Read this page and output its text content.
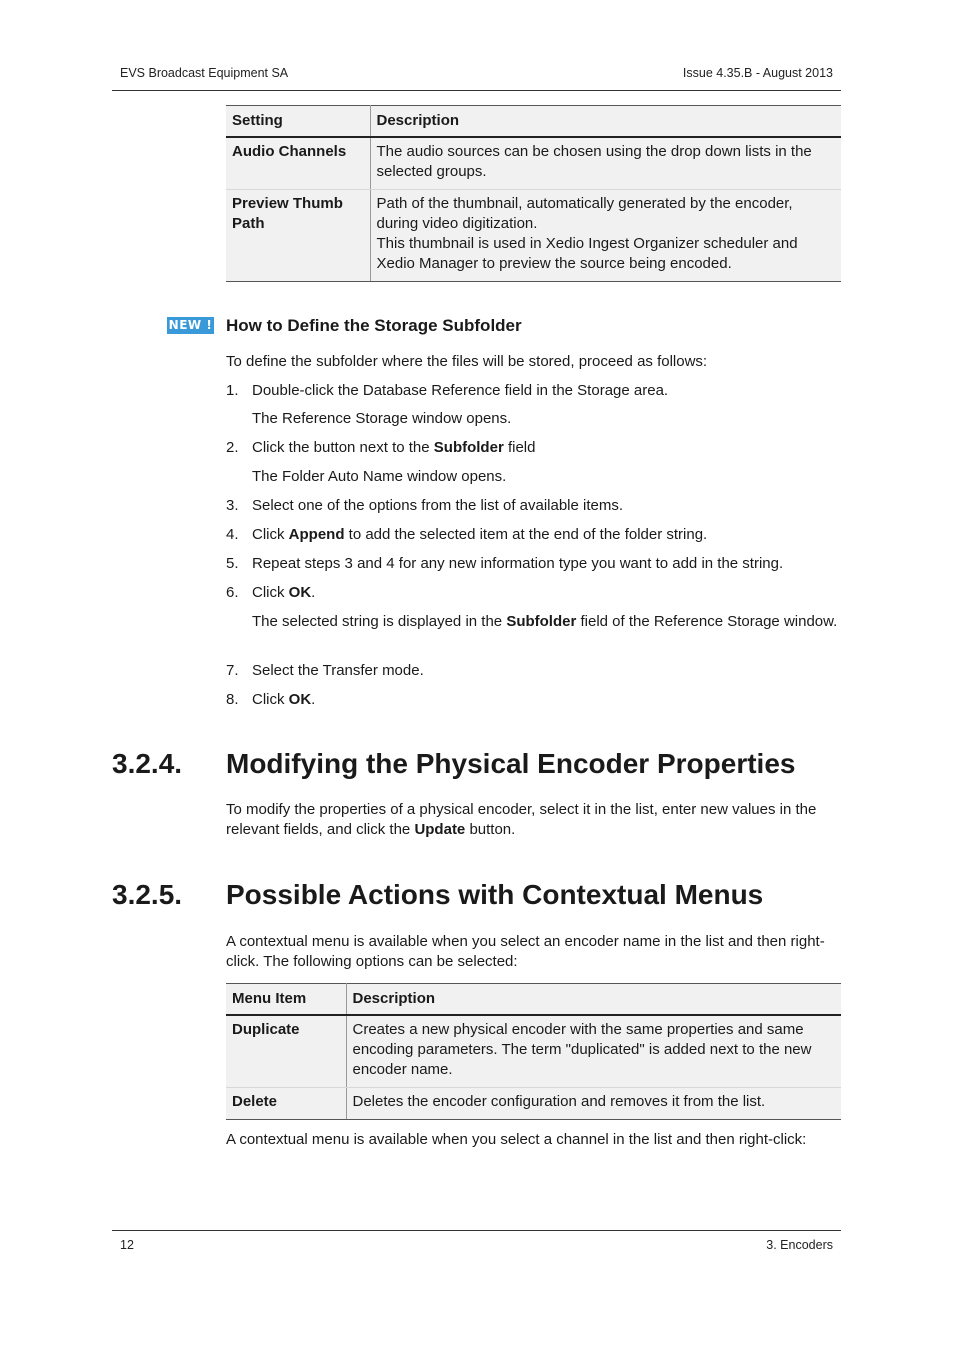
EVS Broadcast Equipment SA	Issue 4.35.B - August 2013
Setting	Description
Audio Channels	The audio sources can be chosen using the drop down lists in the selected groups.
Preview Thumb Path	Path of the thumbnail, automatically generated by the encoder, during video digitization.
This thumbnail is used in Xedio Ingest Organizer scheduler and Xedio Manager to preview the source being encoded.
NEW ! How to Define the Storage Subfolder
To define the subfolder where the files will be stored, proceed as follows:
1. Double-click the Database Reference field in the Storage area.
The Reference Storage window opens.
2. Click the button next to the Subfolder field
The Folder Auto Name window opens.
3. Select one of the options from the list of available items.
4. Click Append to add the selected item at the end of the folder string.
5. Repeat steps 3 and 4 for any new information type you want to add in the string.
6. Click OK.
The selected string is displayed in the Subfolder field of the Reference Storage window.
7. Select the Transfer mode.
8. Click OK.
3.2.4. Modifying the Physical Encoder Properties
To modify the properties of a physical encoder, select it in the list, enter new values in the relevant fields, and click the Update button.
3.2.5. Possible Actions with Contextual Menus
A contextual menu is available when you select an encoder name in the list and then right-click. The following options can be selected:
Menu Item	Description
Duplicate	Creates a new physical encoder with the same properties and same encoding parameters. The term "duplicated" is added next to the new encoder name.
Delete	Deletes the encoder configuration and removes it from the list.
A contextual menu is available when you select a channel in the list and then right-click:
12	3. Encoders
